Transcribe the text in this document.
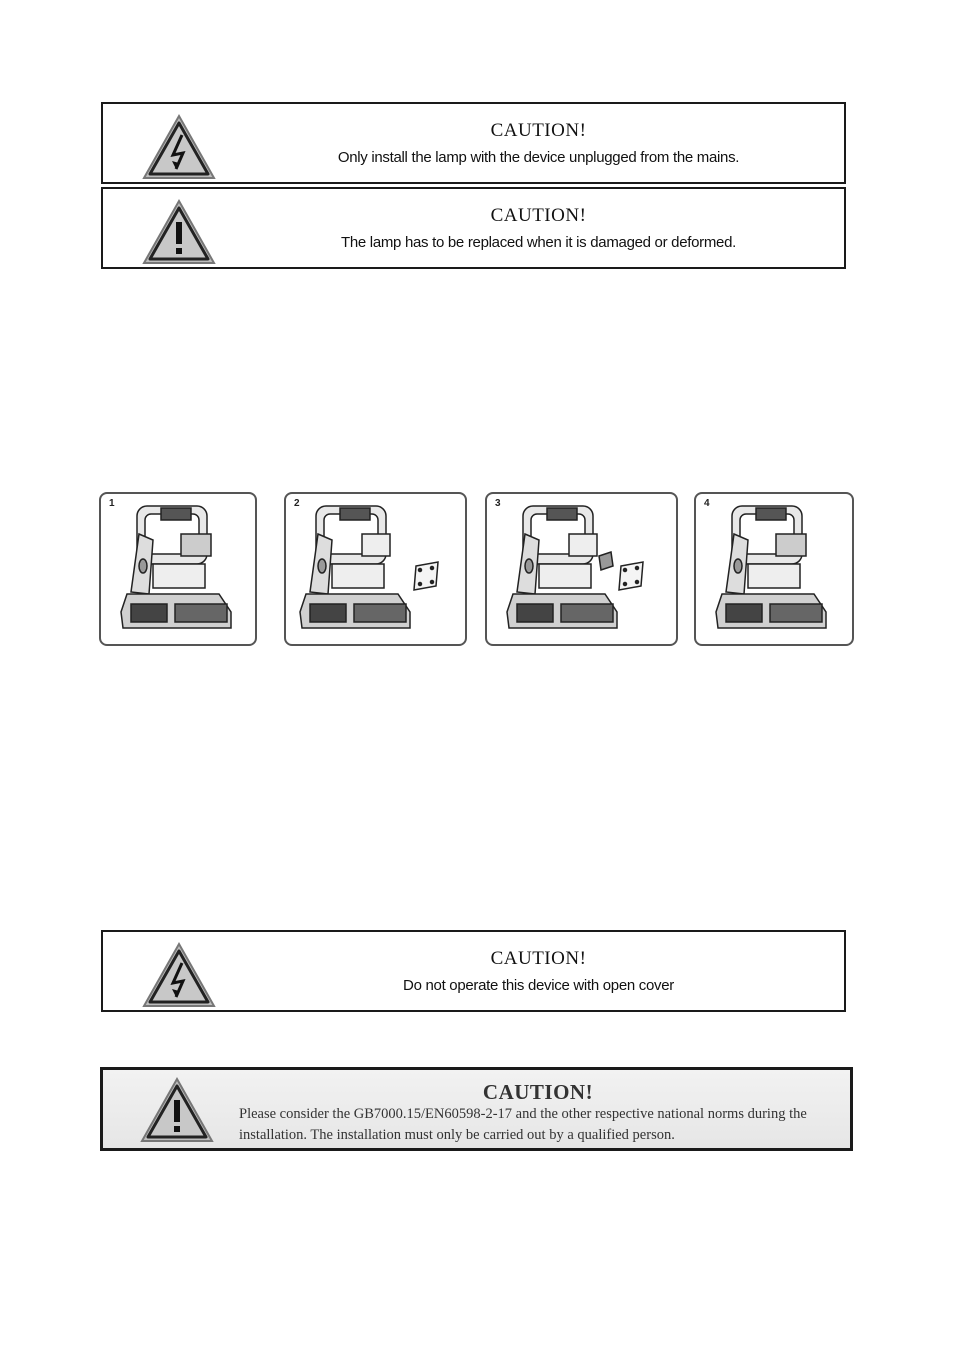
CAUTION!
Only install the lamp with the device unplugged from the mains.
CAUTION!
The lamp has to be replaced when it is damaged or deformed.
1	2	3	4
CAUTION!
Do not operate this device with open cover
CAUTION!
Please consider the GB7000.15/EN60598-2-17 and the other respective national norms during the installation. The installation must only be carried out by a qualified person.
